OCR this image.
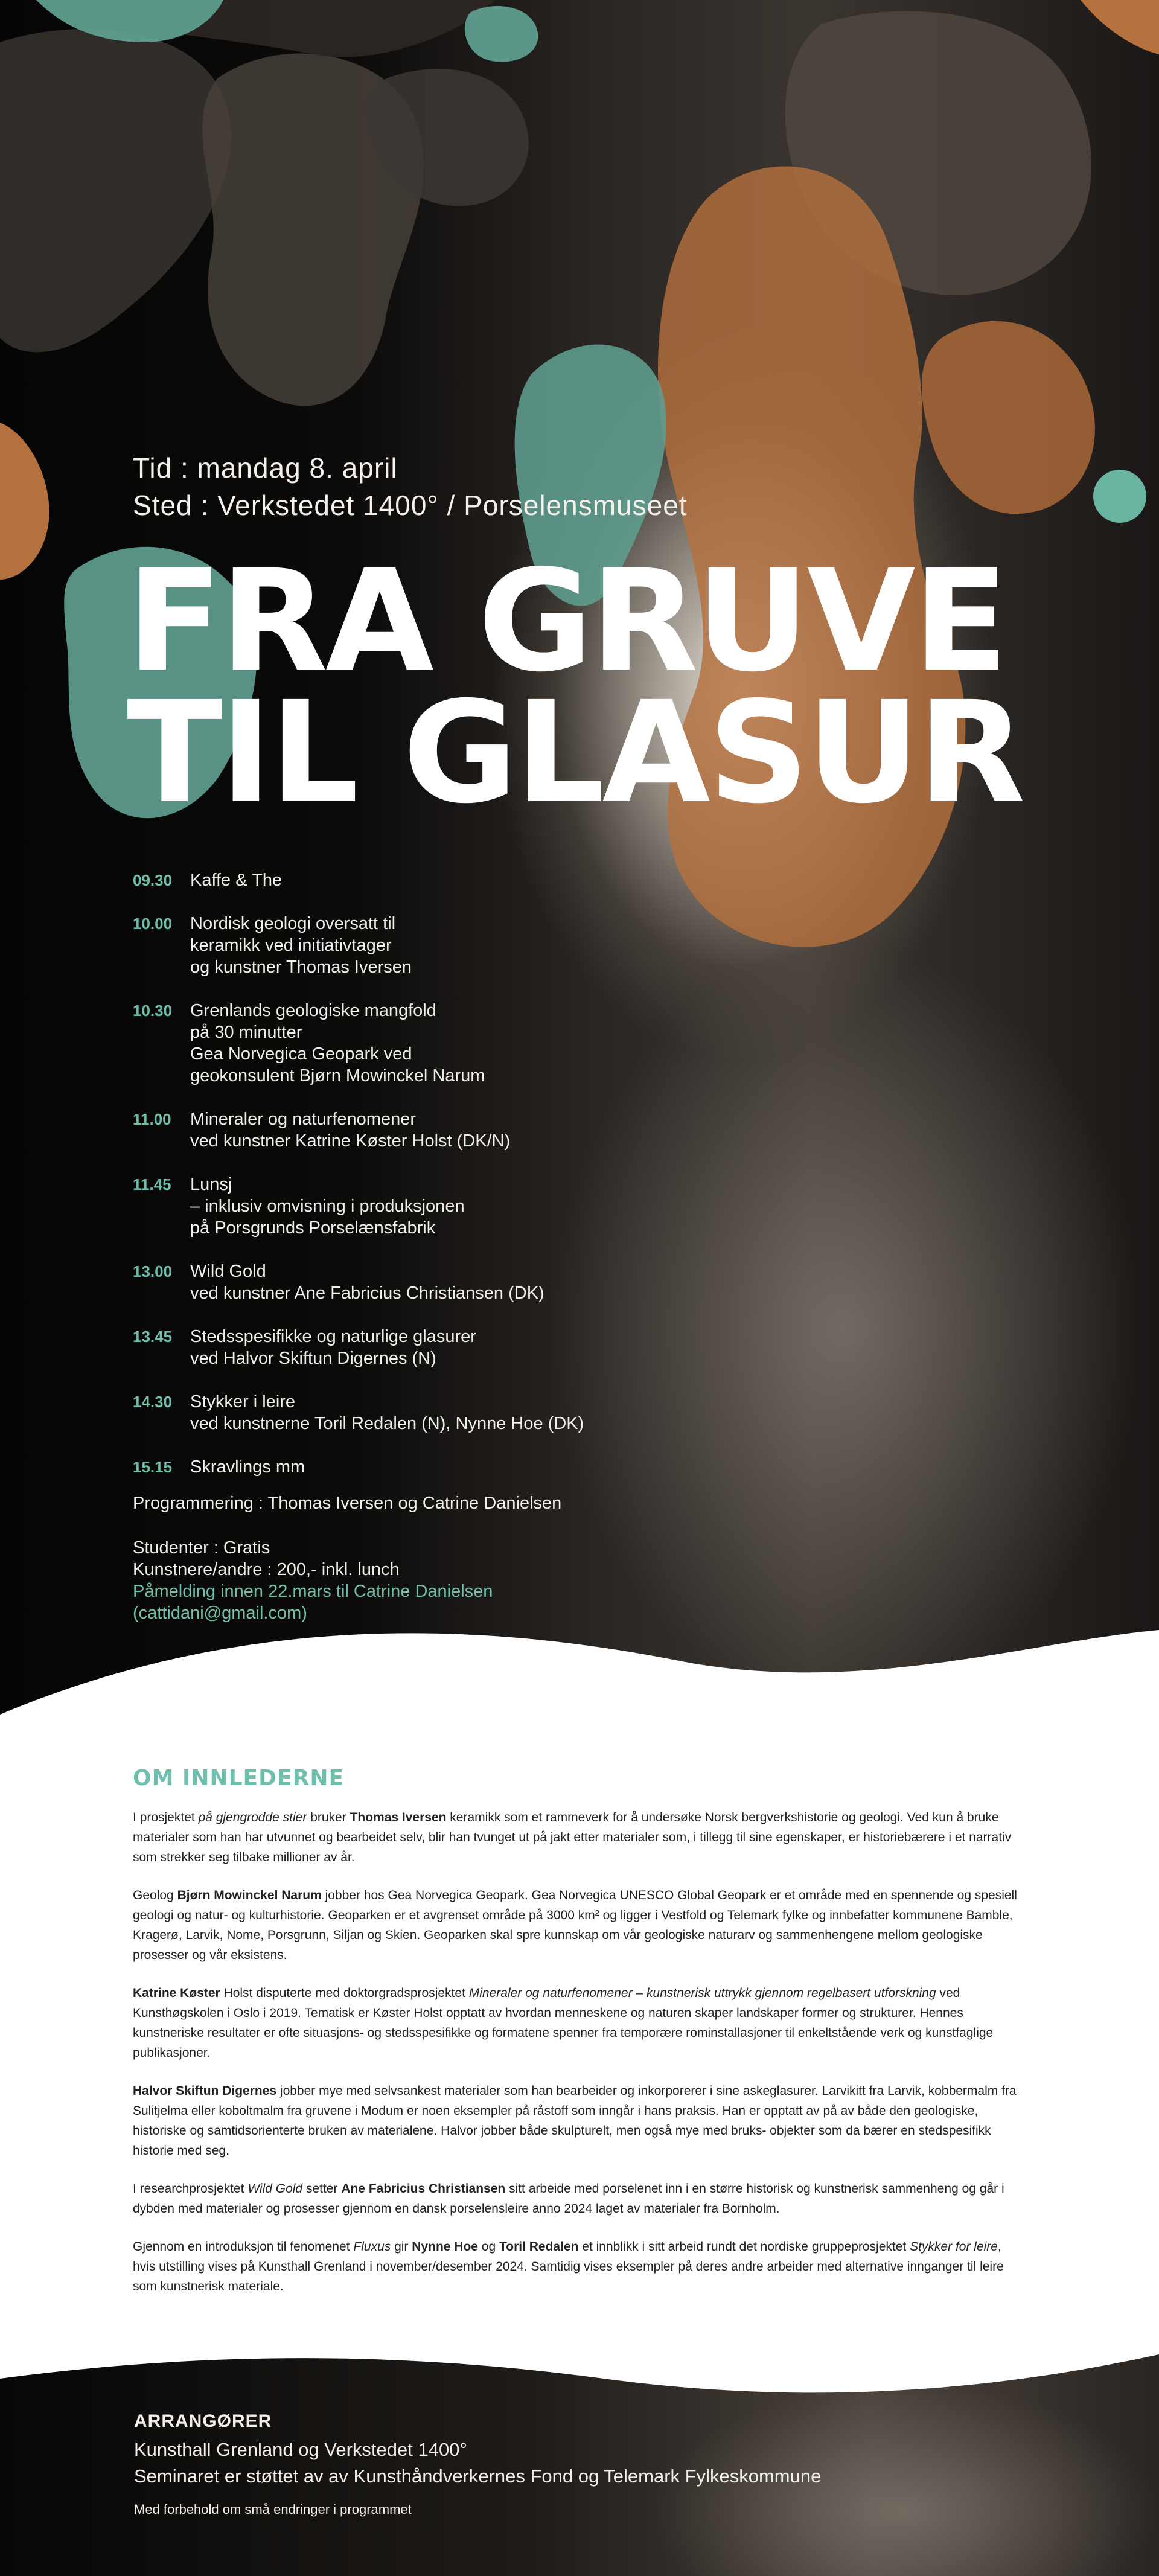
Tid : mandag 8. april
Sted : Verkstedet 1400° / Porselensmuseet
FRA GRUVE
TIL GLASUR
09.30	Kaffe & The
10.00	Nordisk geologi oversatt til
keramikk ved initiativtager
og kunstner Thomas Iversen
10.30	Grenlands geologiske mangfold
på 30 minutter
Gea Norvegica Geopark ved
geokonsulent Bjørn Mowinckel Narum
11.00	Mineraler og naturfenomener
ved kunstner Katrine Køster Holst (DK/N)
11.45	Lunsj
– inklusiv omvisning i produksjonen
på Porsgrunds Porselænsfabrik
13.00	Wild Gold
ved kunstner Ane Fabricius Christiansen (DK)
13.45	Stedsspesifikke og naturlige glasurer
ved Halvor Skiftun Digernes (N)
14.30	Stykker i leire
ved kunstnerne Toril Redalen (N), Nynne Hoe (DK)
15.15	Skravlings mm
Programmering : Thomas Iversen og Catrine Danielsen
Studenter : Gratis
Kunstnere/andre : 200,- inkl. lunch
Påmelding innen 22.mars til Catrine Danielsen
(cattidani@gmail.com)
OM INNLEDERNE

I prosjektet på gjengrodde stier bruker Thomas Iversen keramikk som et rammeverk for å undersøke Norsk bergverkshistorie og geologi. Ved kun å bruke materialer som han har utvunnet og bearbeidet selv, blir han tvunget ut på jakt etter materialer som, i tillegg til sine egenskaper, er historiebærere i et narrativ som strekker seg tilbake millioner av år.

Geolog Bjørn Mowinckel Narum jobber hos Gea Norvegica Geopark. Gea Norvegica UNESCO Global Geopark er et område med en spennende og spesiell geologi og natur- og kulturhistorie. Geoparken er et avgrenset område på 3000 km² og ligger i Vestfold og Telemark fylke og innbefatter kommunene Bamble, Kragerø, Larvik, Nome, Porsgrunn, Siljan og Skien. Geoparken skal spre kunnskap om vår geologiske naturarv og sammenhengene mellom geologiske prosesser og vår eksistens.

Katrine Køster Holst disputerte med doktorgradsprosjektet Mineraler og naturfenomener – kunstnerisk uttrykk gjennom regelbasert utforskning ved Kunsthøgskolen i Oslo i 2019. Tematisk er Køster Holst opptatt av hvordan menneskene og naturen skaper landskaper former og strukturer. Hennes kunstneriske resultater er ofte situasjons- og stedsspesifikke og formatene spenner fra temporære rominstallasjoner til enkeltstående verk og kunstfaglige publikasjoner.

Halvor Skiftun Digernes jobber mye med selvsankest materialer som han bearbeider og inkorporerer i sine askeglasurer. Larvikitt fra Larvik, kobbermalm fra Sulitjelma eller koboltmalm fra gruvene i Modum er noen eksempler på råstoff som inngår i hans praksis. Han er opptatt av på av både den geologiske, historiske og samtidsorienterte bruken av materialene. Halvor jobber både skulpturelt, men også mye med bruks- objekter som da bærer en stedspesifikk historie med seg.

I researchprosjektet Wild Gold setter Ane Fabricius Christiansen sitt arbeide med porselenet inn i en større historisk og kunstnerisk sammenheng og går i dybden med materialer og prosesser gjennom en dansk porselensleire anno 2024 laget av materialer fra Bornholm.

Gjennom en introduksjon til fenomenet Fluxus gir Nynne Hoe og Toril Redalen et innblikk i sitt arbeid rundt det nordiske gruppeprosjektet Stykker for leire, hvis utstilling vises på Kunsthall Grenland i november/desember 2024. Samtidig vises eksempler på deres andre arbeider med alternative innganger til leire som kunstnerisk materiale.

ARRANGØRER
Kunsthall Grenland og Verkstedet 1400°
Seminaret er støttet av av Kunsthåndverkernes Fond og Telemark Fylkeskommune
Med forbehold om små endringer i programmet
